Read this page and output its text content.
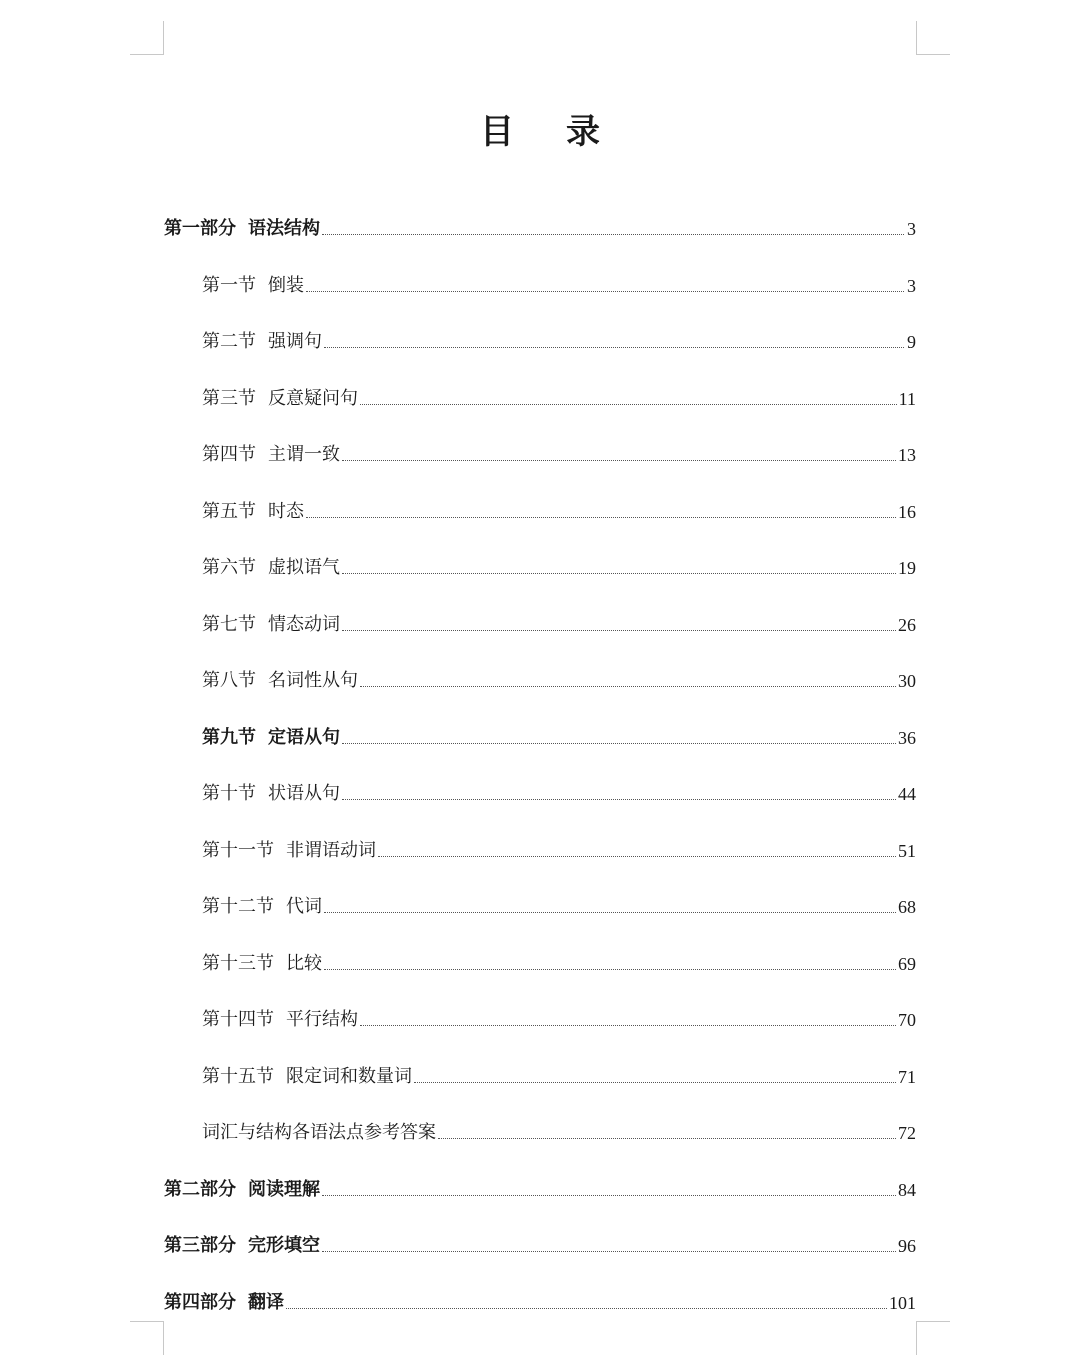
目 录
第一部分 语法结构	3
第一节 倒装	3
第二节 强调句	9
第三节 反意疑问句	11
第四节 主谓一致	13
第五节 时态	16
第六节 虚拟语气	19
第七节 情态动词	26
第八节 名词性从句	30
第九节 定语从句	36
第十节 状语从句	44
第十一节 非谓语动词	51
第十二节 代词	68
第十三节 比较	69
第十四节 平行结构	70
第十五节 限定词和数量词	71
词汇与结构各语法点参考答案	72
第二部分 阅读理解	84
第三部分 完形填空	96
第四部分 翻译	101
